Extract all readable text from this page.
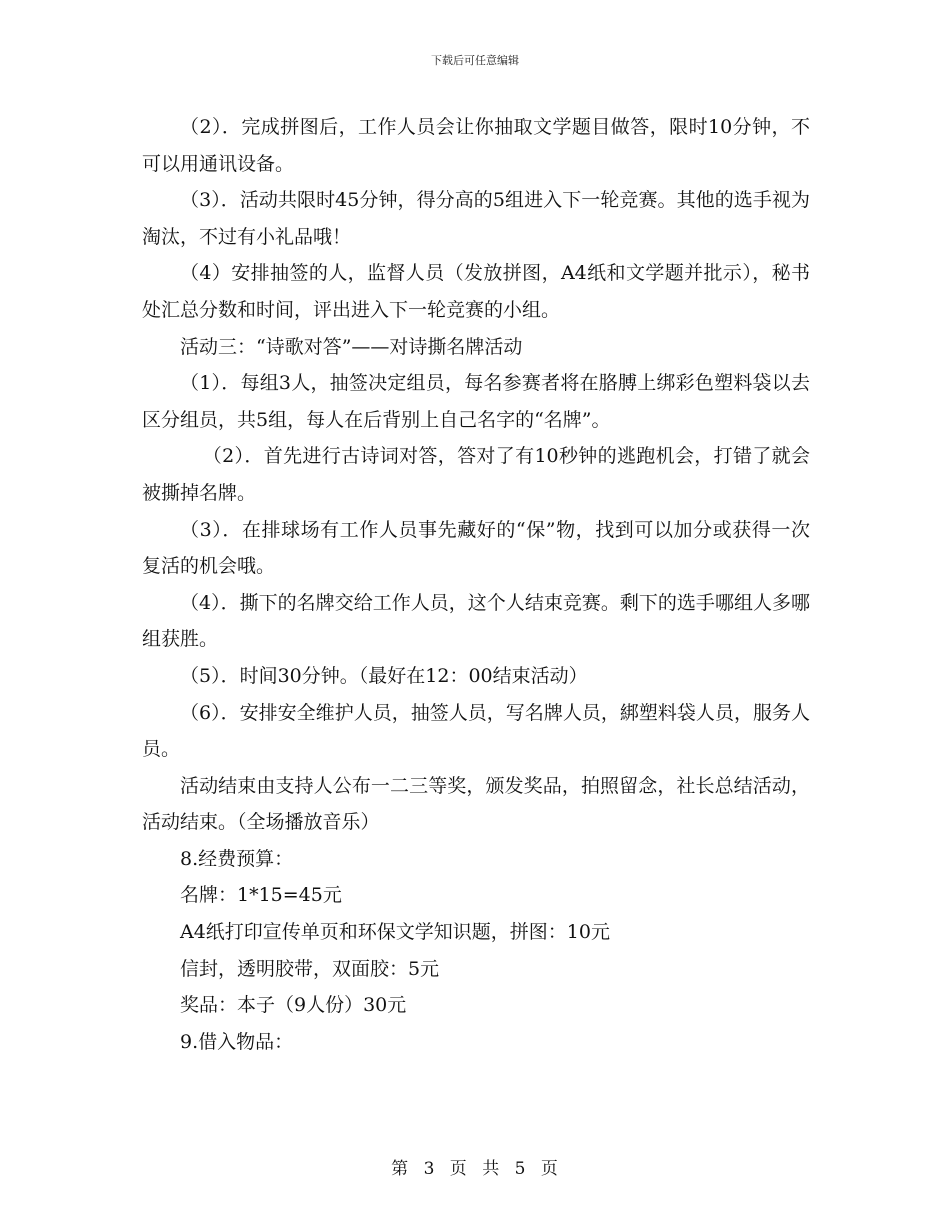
下载后可任意编辑

（2）．完成拼图后，工作人员会让你抽取文学题目做答，限时10分钟，不可以用通讯设备。

（3）．活动共限时45分钟，得分高的5组进入下一轮竞赛。其他的选手视为淘汰，不过有小礼品哦！

（4）安排抽签的人，监督人员（发放拼图，A4纸和文学题并批示），秘书处汇总分数和时间，评出进入下一轮竞赛的小组。

活动三：“诗歌对答”——对诗撕名牌活动

（1）．每组3人，抽签决定组员，每名参赛者将在胳膊上绑彩色塑料袋以去区分组员，共5组，每人在后背别上自己名字的“名牌”。

（2）．首先进行古诗词对答，答对了有10秒钟的逃跑机会，打错了就会被撕掉名牌。

（3）．在排球场有工作人员事先藏好的“保”物，找到可以加分或获得一次复活的机会哦。

（4）．撕下的名牌交给工作人员，这个人结束竞赛。剩下的选手哪组人多哪组获胜。

（5）．时间30分钟。（最好在12：00结束活动）

（6）．安排安全维护人员，抽签人员，写名牌人员，綁塑料袋人员，服务人员。

活动结束由支持人公布一二三等奖，颁发奖品，拍照留念，社长总结活动，活动结束。（全场播放音乐）

8.经费预算：

名牌：1*15=45元

A4纸打印宣传单页和环保文学知识题，拼图：10元

信封，透明胶带，双面胶：5元

奖品：本子（9人份）30元

9.借入物品：

第 3 页 共 5 页
